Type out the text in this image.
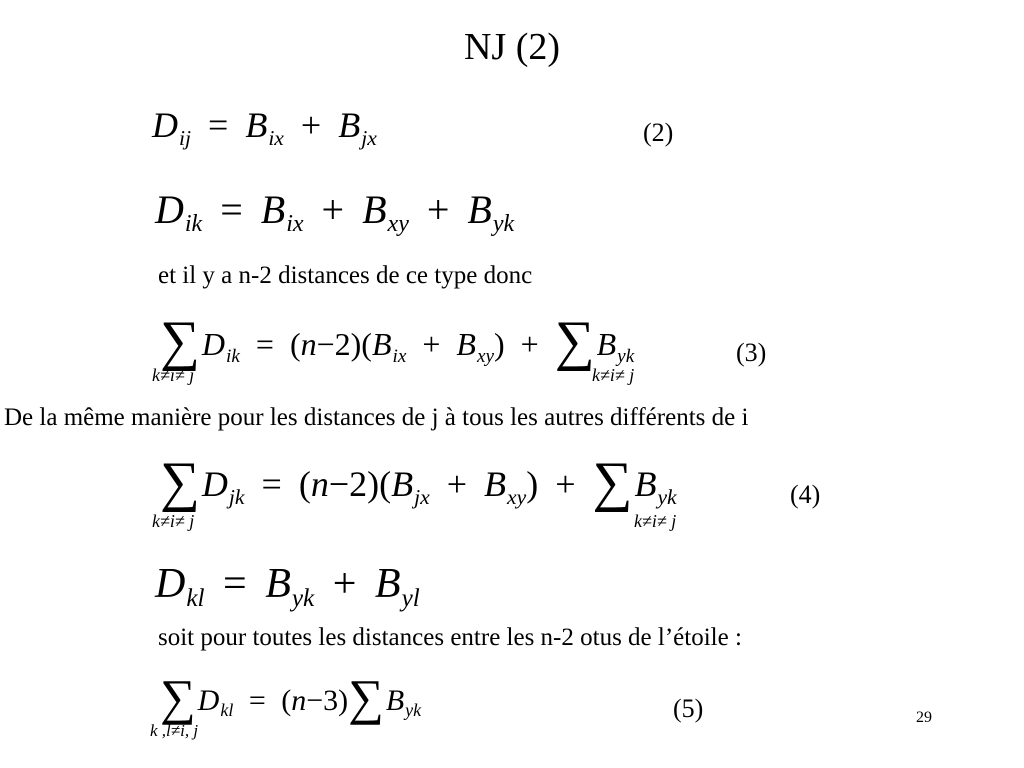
NJ (2)
$D_{ij} = B_{ix} + B_{jx}$	(2)
$D_{ik} = B_{ix} + B_{xy} + B_{yk}$
et il y a n-2 distances de ce type donc
$\sum D_{ik} = (n-2)(B_{ix} + B_{xy}) + \sum B_{yk}$
k≠i≠ j	k≠i≠ j
(3)
De la même manière pour les distances de j à tous les autres différents de i
$\sum D_{jk} = (n-2)(B_{jx} + B_{xy}) + \sum B_{yk}$
k≠i≠ j	k≠i≠ j
(4)
$D_{kl} = B_{yk} + B_{yl}$
soit pour toutes les distances entre les n-2 otus de l’étoile :
$\sum D_{kl} = (n-3)\sum B_{yk}$
k ,l≠i, j
(5)	29
